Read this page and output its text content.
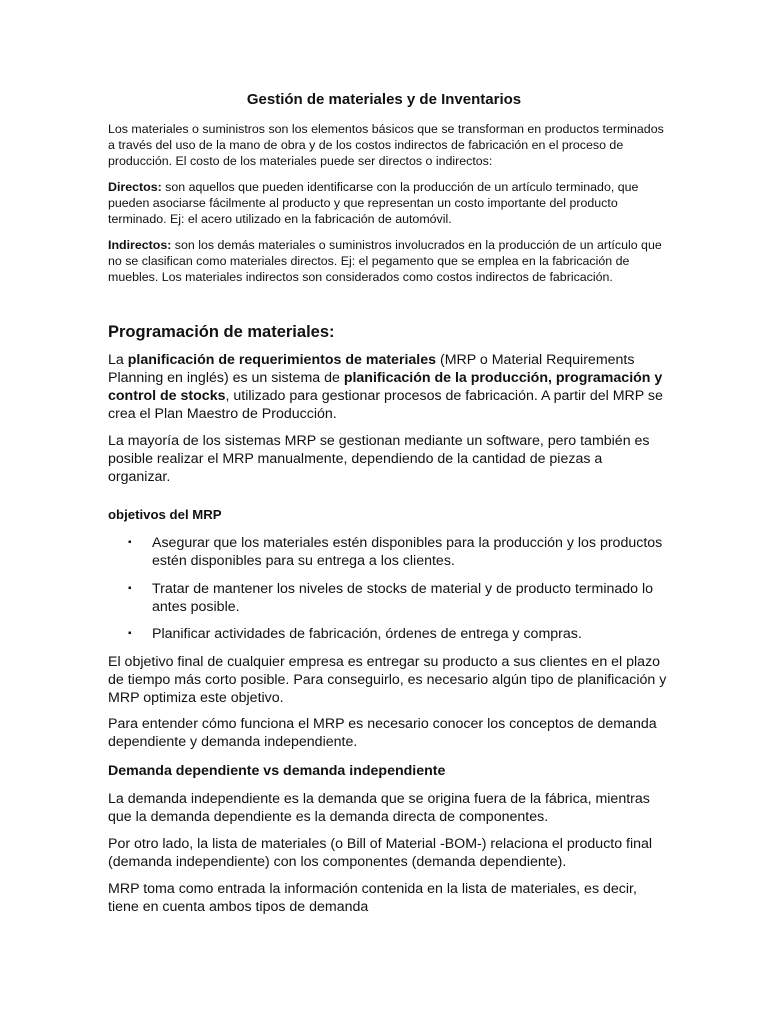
Gestión de materiales y de Inventarios

Los materiales o suministros son los elementos básicos que se transforman en productos terminados a través del uso de la mano de obra y de los costos indirectos de fabricación en el proceso de producción. El costo de los materiales puede ser directos o indirectos:

Directos: son aquellos que pueden identificarse con la producción de un artículo terminado, que pueden asociarse fácilmente al producto y que representan un costo importante del producto terminado. Ej: el acero utilizado en la fabricación de automóvil.

Indirectos: son los demás materiales o suministros involucrados en la producción de un artículo que no se clasifican como materiales directos. Ej: el pegamento que se emplea en la fabricación de muebles. Los materiales indirectos son considerados como costos indirectos de fabricación.

Programación de materiales:

La planificación de requerimientos de materiales (MRP o Material Requirements Planning en inglés) es un sistema de planificación de la producción, programación y control de stocks, utilizado para gestionar procesos de fabricación. A partir del MRP se crea el Plan Maestro de Producción.

La mayoría de los sistemas MRP se gestionan mediante un software, pero también es posible realizar el MRP manualmente, dependiendo de la cantidad de piezas a organizar.

objetivos del MRP
▪ Asegurar que los materiales estén disponibles para la producción y los productos estén disponibles para su entrega a los clientes.
▪ Tratar de mantener los niveles de stocks de material y de producto terminado lo antes posible.
▪ Planificar actividades de fabricación, órdenes de entrega y compras.

El objetivo final de cualquier empresa es entregar su producto a sus clientes en el plazo de tiempo más corto posible. Para conseguirlo, es necesario algún tipo de planificación y MRP optimiza este objetivo.

Para entender cómo funciona el MRP es necesario conocer los conceptos de demanda dependiente y demanda independiente.

Demanda dependiente vs demanda independiente

La demanda independiente es la demanda que se origina fuera de la fábrica, mientras que la demanda dependiente es la demanda directa de componentes.

Por otro lado, la lista de materiales (o Bill of Material -BOM-) relaciona el producto final (demanda independiente) con los componentes (demanda dependiente).

MRP toma como entrada la información contenida en la lista de materiales, es decir, tiene en cuenta ambos tipos de demanda
